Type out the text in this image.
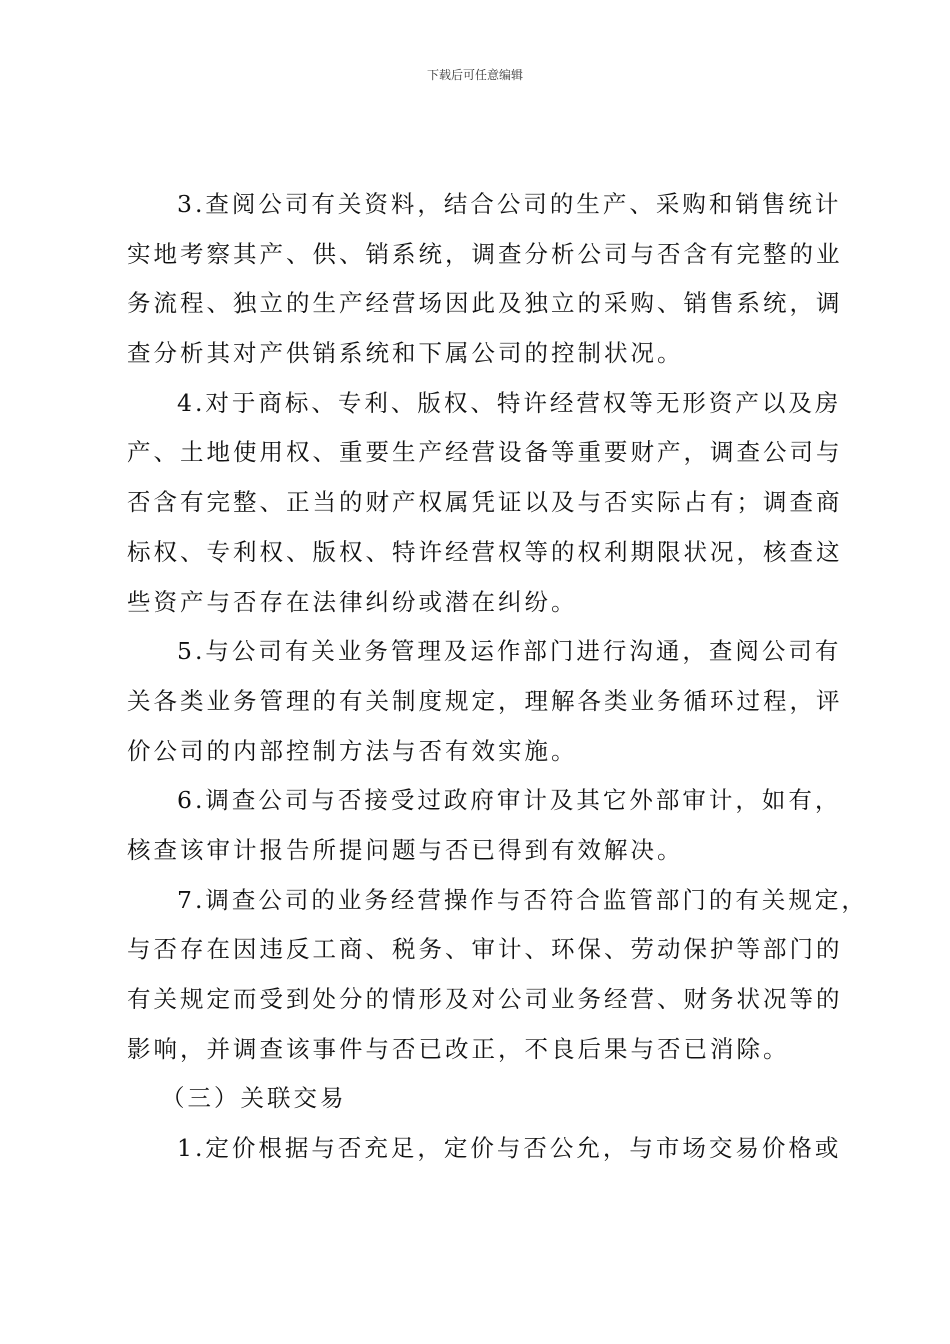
下载后可任意编辑
3.查阅公司有关资料，结合公司的生产、采购和销售统计
实地考察其产、供、销系统，调查分析公司与否含有完整的业
务流程、独立的生产经营场因此及独立的采购、销售系统，调
查分析其对产供销系统和下属公司的控制状况。
4.对于商标、专利、版权、特许经营权等无形资产以及房
产、土地使用权、重要生产经营设备等重要财产，调查公司与
否含有完整、正当的财产权属凭证以及与否实际占有；调查商
标权、专利权、版权、特许经营权等的权利期限状况，核查这
些资产与否存在法律纠纷或潜在纠纷。
5.与公司有关业务管理及运作部门进行沟通，查阅公司有
关各类业务管理的有关制度规定，理解各类业务循环过程，评
价公司的内部控制方法与否有效实施。
6.调查公司与否接受过政府审计及其它外部审计，如有，
核查该审计报告所提问题与否已得到有效解决。
7.调查公司的业务经营操作与否符合监管部门的有关规定，
与否存在因违反工商、税务、审计、环保、劳动保护等部门的
有关规定而受到处分的情形及对公司业务经营、财务状况等的
影响，并调查该事件与否已改正，不良后果与否已消除。
（三）关联交易
1.定价根据与否充足，定价与否公允，与市场交易价格或
